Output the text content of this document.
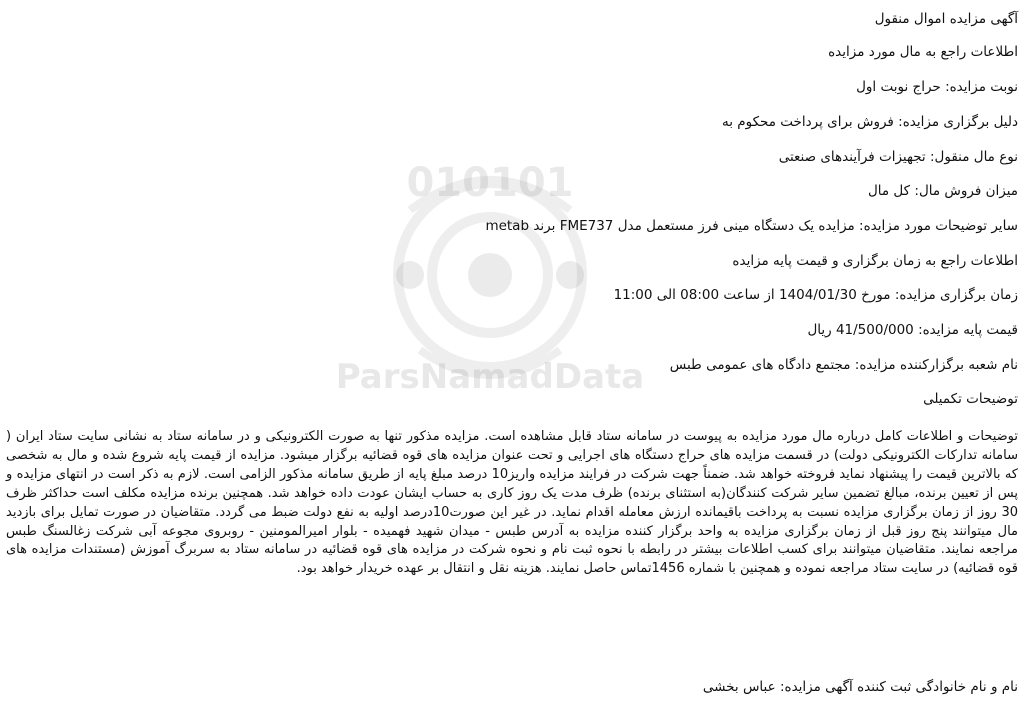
010101
ParsNamadData
آگهی مزایده اموال منقول
اطلاعات راجع به مال مورد مزایده
نوبت مزایده: حراج نوبت اول
دلیل برگزاری مزایده: فروش برای پرداخت محکوم به
نوع مال منقول: تجهیزات فرآیندهای صنعتی
میزان فروش مال: کل مال
سایر توضیحات مورد مزایده: مزایده یک دستگاه مینی فرز مستعمل مدل FME737 برند metab
اطلاعات راجع به زمان برگزاری و قیمت پایه مزایده
زمان برگزاری مزایده: مورخ 1404/01/30 از ساعت 08:00 الی 11:00
قیمت پایه مزایده: 41/500/000 ریال
نام شعبه برگزارکننده مزایده: مجتمع دادگاه های عمومی طبس
توضیحات تکمیلی
توضیحات و اطلاعات کامل درباره مال مورد مزایده به پیوست در سامانه ستاد قابل مشاهده است. مزایده مذکور تنها به صورت الکترونیکی و در سامانه ستاد به نشانی سایت ستاد ایران ( سامانه تدارکات الکترونیکی دولت) در قسمت مزایده های حراج دستگاه های اجرایی و تحت عنوان مزایده های قوه قضائیه برگزار میشود. مزایده از قیمت پایه شروع شده و مال به شخصی که بالاترین قیمت را پیشنهاد نماید فروخته خواهد شد. ضمناً جهت شرکت در فرایند مزایده واریز10 درصد مبلغ پایه از طریق سامانه مذکور الزامی است. لازم به ذکر است در انتهای مزایده و پس از تعیین برنده، مبالغ تضمین سایر شرکت کنندگان(به استثنای برنده) ظرف مدت یک روز کاری به حساب ایشان عودت داده خواهد شد. همچنین برنده مزایده مکلف است حداکثر ظرف 30 روز از زمان برگزاری مزایده نسبت به پرداخت باقیمانده ارزش معامله اقدام نماید. در غیر این صورت10درصد اولیه به نفع دولت ضبط می گردد. متقاضیان در صورت تمایل برای بازدید مال میتوانند پنج روز قبل از زمان برگزاری مزایده به واحد برگزار کننده مزایده به آدرس طبس - میدان شهید فهمیده - بلوار امیرالمومنین - روبروی مجوعه آبی شرکت زغالسنگ طبس مراجعه نمایند. متقاضیان میتوانند برای کسب اطلاعات بیشتر در رابطه با نحوه ثبت نام و نحوه شرکت در مزایده های قوه قضائیه در سامانه ستاد به سربرگ آموزش (مستندات مزایده های قوه قضائیه) در سایت ستاد مراجعه نموده و همچنین با شماره 1456تماس حاصل نمایند. هزینه نقل و انتقال بر عهده خریدار خواهد بود.
نام و نام خانوادگی ثبت کننده آگهی مزایده: عباس بخشی
